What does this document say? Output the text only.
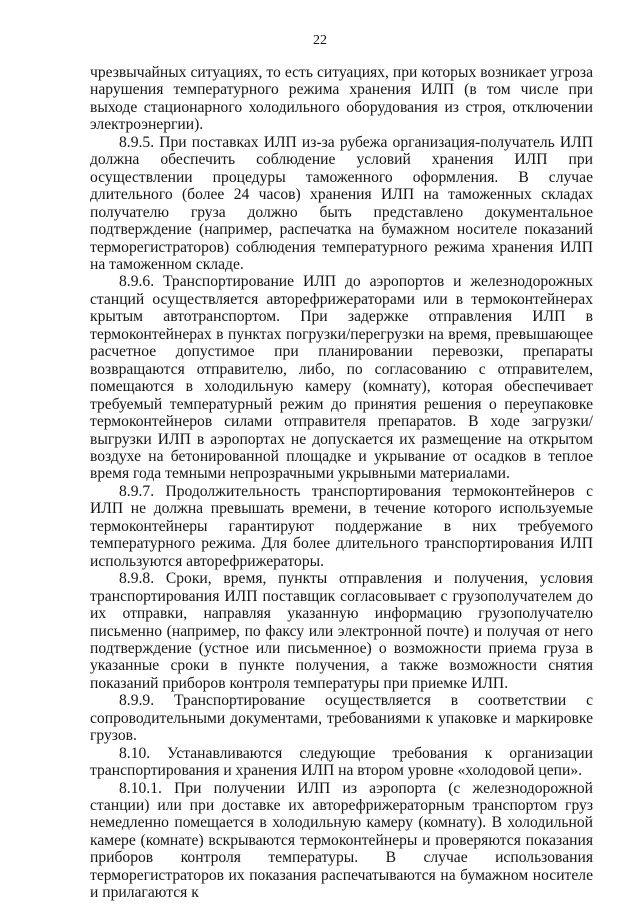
22

чрезвычайных ситуациях, то есть ситуациях, при которых возникает угроза нарушения температурного режима хранения ИЛП (в том числе при выходе стационарного холодильного оборудования из строя, отключении электроэнергии).

8.9.5. При поставках ИЛП из-за рубежа организация-получатель ИЛП должна обеспечить соблюдение условий хранения ИЛП при осуществлении процедуры таможенного оформления. В случае длительного (более 24 часов) хранения ИЛП на таможенных складах получателю груза должно быть представлено документальное подтверждение (например, распечатка на бумажном носителе показаний терморегистраторов) соблюдения температурного режима хранения ИЛП на таможенном складе.

8.9.6. Транспортирование ИЛП до аэропортов и железнодорожных станций осуществляется авторефрижераторами или в термоконтейнерах крытым автотранспортом. При задержке отправления ИЛП в термоконтейнерах в пунктах погрузки/перегрузки на время, превышающее расчетное допустимое при планировании перевозки, препараты возвращаются отправителю, либо, по согласованию с отправителем, помещаются в холодильную камеру (комнату), которая обеспечивает требуемый температурный режим до принятия решения о переупаковке термоконтейнеров силами отправителя препаратов. В ходе загрузки/выгрузки ИЛП в аэропортах не допускается их размещение на открытом воздухе на бетонированной площадке и укрывание от осадков в теплое время года темными непрозрачными укрывными материалами.

8.9.7. Продолжительность транспортирования термоконтейнеров с ИЛП не должна превышать времени, в течение которого используемые термоконтейнеры гарантируют поддержание в них требуемого температурного режима. Для более длительного транспортирования ИЛП используются авторефрижераторы.

8.9.8. Сроки, время, пункты отправления и получения, условия транспортирования ИЛП поставщик согласовывает с грузополучателем до их отправки, направляя указанную информацию грузополучателю письменно (например, по факсу или электронной почте) и получая от него подтверждение (устное или письменное) о возможности приема груза в указанные сроки в пункте получения, а также возможности снятия показаний приборов контроля температуры при приемке ИЛП.

8.9.9. Транспортирование осуществляется в соответствии с сопроводительными документами, требованиями к упаковке и маркировке грузов.

8.10. Устанавливаются следующие требования к организации транспортирования и хранения ИЛП на втором уровне «холодовой цепи».

8.10.1. При получении ИЛП из аэропорта (с железнодорожной станции) или при доставке их авторефрижераторным транспортом груз немедленно помещается в холодильную камеру (комнату). В холодильной камере (комнате) вскрываются термоконтейнеры и проверяются показания приборов контроля температуры. В случае использования терморегистраторов их показания распечатываются на бумажном носителе и прилагаются к
